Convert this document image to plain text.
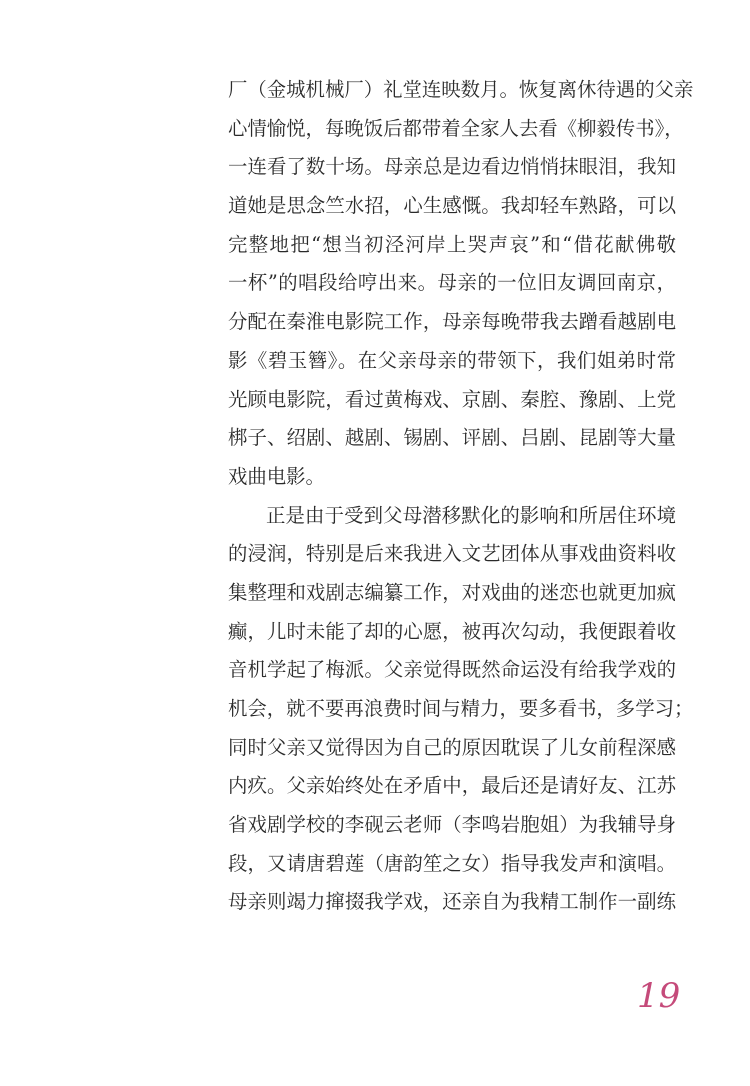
厂（金城机械厂）礼堂连映数月。恢复离休待遇的父亲
心情愉悦，每晚饭后都带着全家人去看《柳毅传书》，
一连看了数十场。母亲总是边看边悄悄抹眼泪，我知
道她是思念竺水招，心生感慨。我却轻车熟路，可以
完整地把“想当初泾河岸上哭声哀”和“借花献佛敬
一杯”的唱段给哼出来。母亲的一位旧友调回南京，
分配在秦淮电影院工作，母亲每晚带我去蹭看越剧电
影《碧玉簪》。在父亲母亲的带领下，我们姐弟时常
光顾电影院，看过黄梅戏、京剧、秦腔、豫剧、上党
梆子、绍剧、越剧、锡剧、评剧、吕剧、昆剧等大量
戏曲电影。
正是由于受到父母潜移默化的影响和所居住环境
的浸润，特别是后来我进入文艺团体从事戏曲资料收
集整理和戏剧志编纂工作，对戏曲的迷恋也就更加疯
癫，儿时未能了却的心愿，被再次勾动，我便跟着收
音机学起了梅派。父亲觉得既然命运没有给我学戏的
机会，就不要再浪费时间与精力，要多看书，多学习；
同时父亲又觉得因为自己的原因耽误了儿女前程深感
内疚。父亲始终处在矛盾中，最后还是请好友、江苏
省戏剧学校的李砚云老师（李鸣岩胞姐）为我辅导身
段，又请唐碧莲（唐韵笙之女）指导我发声和演唱。
母亲则竭力撺掇我学戏，还亲自为我精工制作一副练
19
